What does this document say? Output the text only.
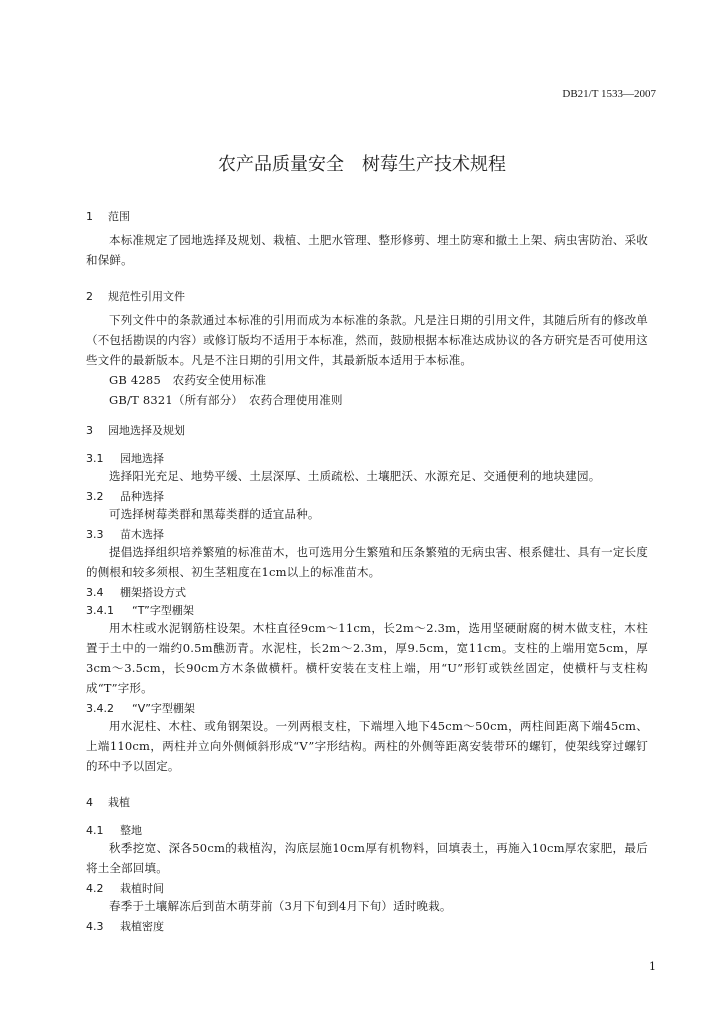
DB21/T 1533—2007
农产品质量安全　树莓生产技术规程
1 范围

本标准规定了园地选择及规划、栽植、土肥水管理、整形修剪、埋土防寒和撤土上架、病虫害防治、采收和保鲜。

2 规范性引用文件

下列文件中的条款通过本标准的引用而成为本标准的条款。凡是注日期的引用文件，其随后所有的修改单（不包括勘误的内容）或修订版均不适用于本标准，然而，鼓励根据本标准达成协议的各方研究是否可使用这些文件的最新版本。凡是不注日期的引用文件，其最新版本适用于本标准。

GB 4285　农药安全使用标准

GB/T 8321（所有部分）　农药合理使用准则

3 园地选择及规划
3.1 园地选择

选择阳光充足、地势平缓、土层深厚、土质疏松、土壤肥沃、水源充足、交通便利的地块建园。

3.2 品种选择

可选择树莓类群和黑莓类群的适宜品种。

3.3 苗木选择

提倡选择组织培养繁殖的标准苗木，也可选用分生繁殖和压条繁殖的无病虫害、根系健壮、具有一定长度的侧根和较多须根、初生茎粗度在1cm以上的标准苗木。

3.4 棚架搭设方式
3.4.1 “T”字型棚架

用木柱或水泥钢筋柱设架。木柱直径9cm～11cm，长2m～2.3m，选用坚硬耐腐的树木做支柱，木柱置于土中的一端约0.5m醮沥青。水泥柱，长2m～2.3m，厚9.5cm，宽11cm。支柱的上端用宽5cm，厚3cm～3.5cm，长90cm方木条做横杆。横杆安装在支柱上端，用“U”形钉或铁丝固定，使横杆与支柱构成“T”字形。

3.4.2 “V”字型棚架

用水泥柱、木柱、或角钢架设。一列两根支柱，下端埋入地下45cm～50cm，两柱间距离下端45cm、上端110cm，两柱并立向外侧倾斜形成“V”字形结构。两柱的外侧等距离安装带环的螺钉，使架线穿过螺钉的环中予以固定。

4 栽植
4.1 整地

秋季挖宽、深各50cm的栽植沟，沟底层施10cm厚有机物料，回填表土，再施入10cm厚农家肥，最后将土全部回填。

4.2 栽植时间

春季于土壤解冻后到苗木萌芽前（3月下旬到4月下旬）适时晚栽。

4.3 栽植密度
1
